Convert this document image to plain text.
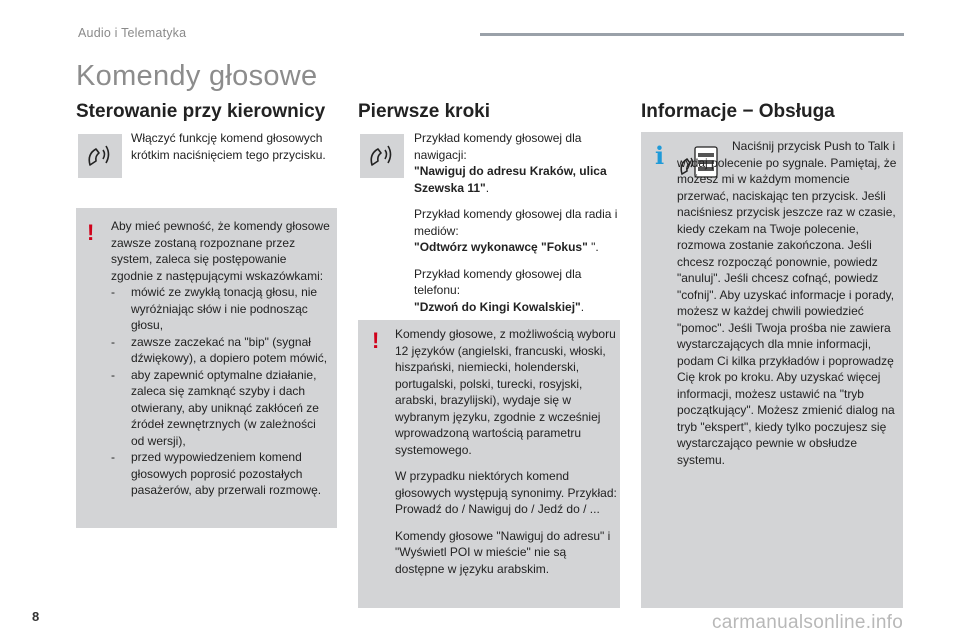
Audio i Telematyka
Komendy głosowe
Sterowanie przy kierownicy
Włączyć funkcję komend głosowych krótkim naciśnięciem tego przycisku.
! Aby mieć pewność, że komendy głosowe zawsze zostaną rozpoznane przez system, zaleca się postępowanie zgodnie z następującymi wskazówkami:
- mówić ze zwykłą tonacją głosu, nie wyróżniając słów i nie podnosząc głosu,
- zawsze zaczekać na "bip" (sygnał dźwiękowy), a dopiero potem mówić,
- aby zapewnić optymalne działanie, zaleca się zamknąć szyby i dach otwierany, aby uniknąć zakłóceń ze źródeł zewnętrznych (w zależności od wersji),
- przed wypowiedzeniem komend głosowych poprosić pozostałych pasażerów, aby przerwali rozmowę.
Pierwsze kroki

Przykład komendy głosowej dla nawigacji:
"Nawiguj do adresu Kraków, ulica Szewska 11".

Przykład komendy głosowej dla radia i mediów:
"Odtwórz wykonawcę "Fokus" ".

Przykład komendy głosowej dla telefonu:
"Dzwoń do Kingi Kowalskiej".

! Komendy głosowe, z możliwością wyboru 12 języków (angielski, francuski, włoski, hiszpański, niemiecki, holenderski, portugalski, polski, turecki, rosyjski, arabski, brazylijski), wydaje się w wybranym języku, zgodnie z wcześniej wprowadzoną wartością parametru systemowego.

W przypadku niektórych komend głosowych występują synonimy. Przykład: Prowadź do / Nawiguj do / Jedź do / ...

Komendy głosowe "Nawiguj do adresu" i "Wyświetl POI w mieście" nie są dostępne w języku arabskim.

Informacje − Obsługa
i	Naciśnij przycisk Push to Talk i wydaj polecenie po sygnale. Pamiętaj, że możesz mi w każdym momencie przerwać, naciskając ten przycisk. Jeśli naciśniesz przycisk jeszcze raz w czasie, kiedy czekam na Twoje polecenie, rozmowa zostanie zakończona. Jeśli chcesz rozpocząć ponownie, powiedz "anuluj". Jeśli chcesz cofnąć, powiedz "cofnij". Aby uzyskać informacje i porady, możesz w każdej chwili powiedzieć "pomoc". Jeśli Twoja prośba nie zawiera wystarczających dla mnie informacji, podam Ci kilka przykładów i poprowadzę Cię krok po kroku. Aby uzyskać więcej informacji, możesz ustawić na "tryb początkujący". Możesz zmienić dialog na tryb "ekspert", kiedy tylko poczujesz się wystarczająco pewnie w obsłudze systemu.
8	carmanualsonline.info
